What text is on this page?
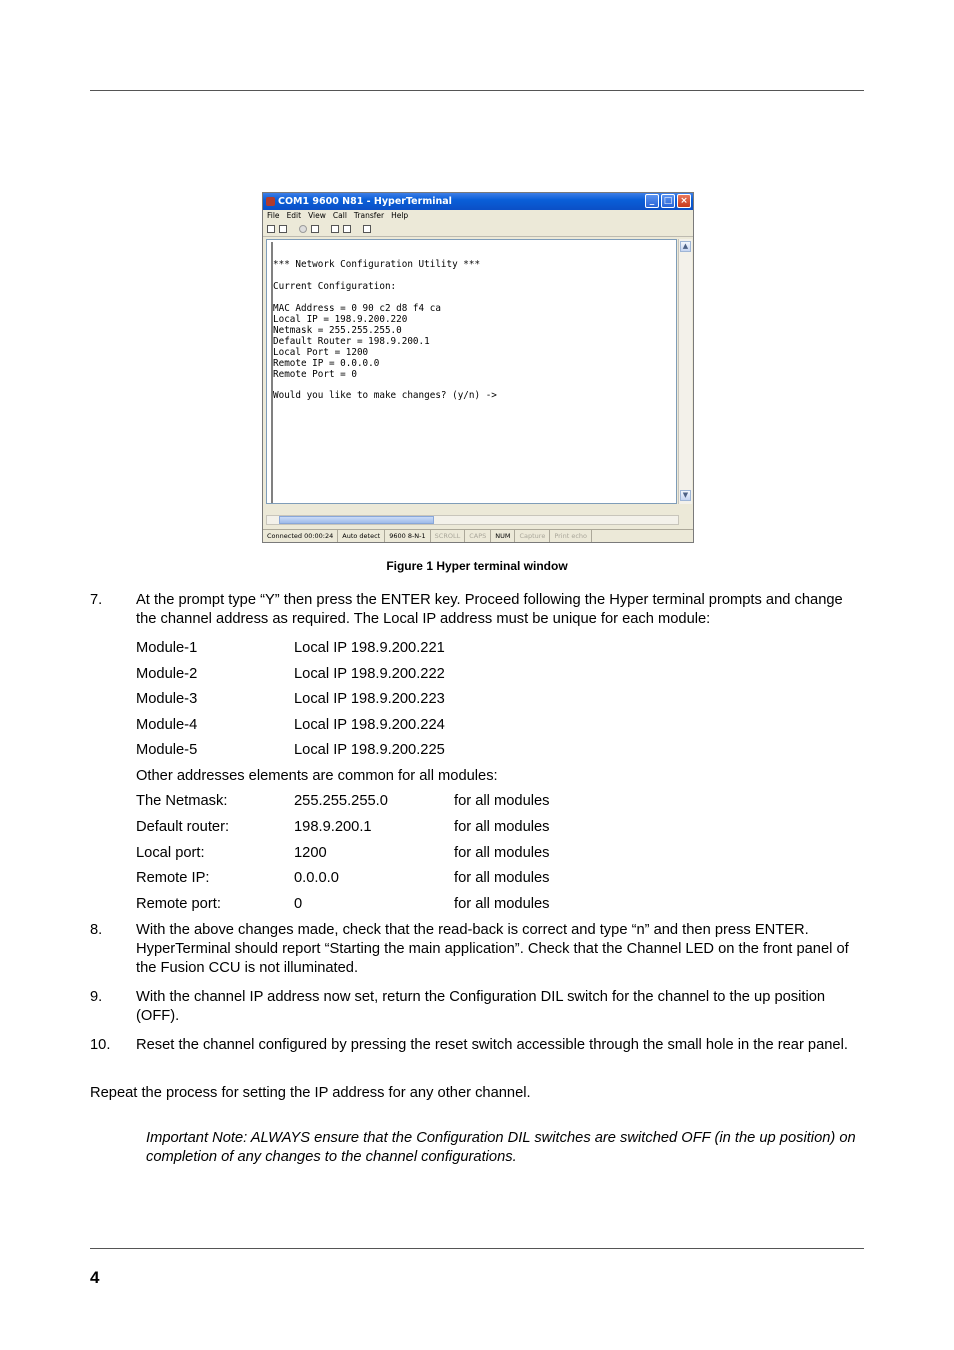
COM1 9600 N81 - HyperTerminal	_	□ ×
File Edit View Call Transfer Help
*** Network Configuration Utility ***

Current Configuration:

MAC Address = 0 90 c2 d8 f4 ca
Local IP = 198.9.200.220
Netmask = 255.255.255.0
Default Router = 198.9.200.1
Local Port = 1200
Remote IP = 0.0.0.0
Remote Port = 0

Would you like to make changes? (y/n) ->
▲
▼
Connected 00:00:24	Auto detect	9600 8-N-1	SCROLL	CAPS	NUM	Capture	Print echo
Figure 1 Hyper terminal window
7. At the prompt type “Y” then press the ENTER key. Proceed following the Hyper terminal prompts and change the channel address as required. The Local IP address must be unique for each module:
Module-1	Local IP 198.9.200.221
Module-2	Local IP 198.9.200.222
Module-3	Local IP 198.9.200.223
Module-4	Local IP 198.9.200.224
Module-5	Local IP 198.9.200.225
Other addresses elements are common for all modules:
The Netmask:	255.255.255.0	for all modules
Default router:	198.9.200.1	for all modules
Local port:	1200	for all modules
Remote IP:	0.0.0.0	for all modules
Remote port:	0	for all modules
8. With the above changes made, check that the read-back is correct and type “n” and then press ENTER. HyperTerminal should report “Starting the main application”. Check that the Channel LED on the front panel of the Fusion CCU is not illuminated.
9. With the channel IP address now set, return the Configuration DIL switch for the channel to the up position (OFF).
10. Reset the channel configured by pressing the reset switch accessible through the small hole in the rear panel.
Repeat the process for setting the IP address for any other channel.
Important Note: ALWAYS ensure that the Configuration DIL switches are switched OFF (in the up position) on completion of any changes to the channel configurations.
4
